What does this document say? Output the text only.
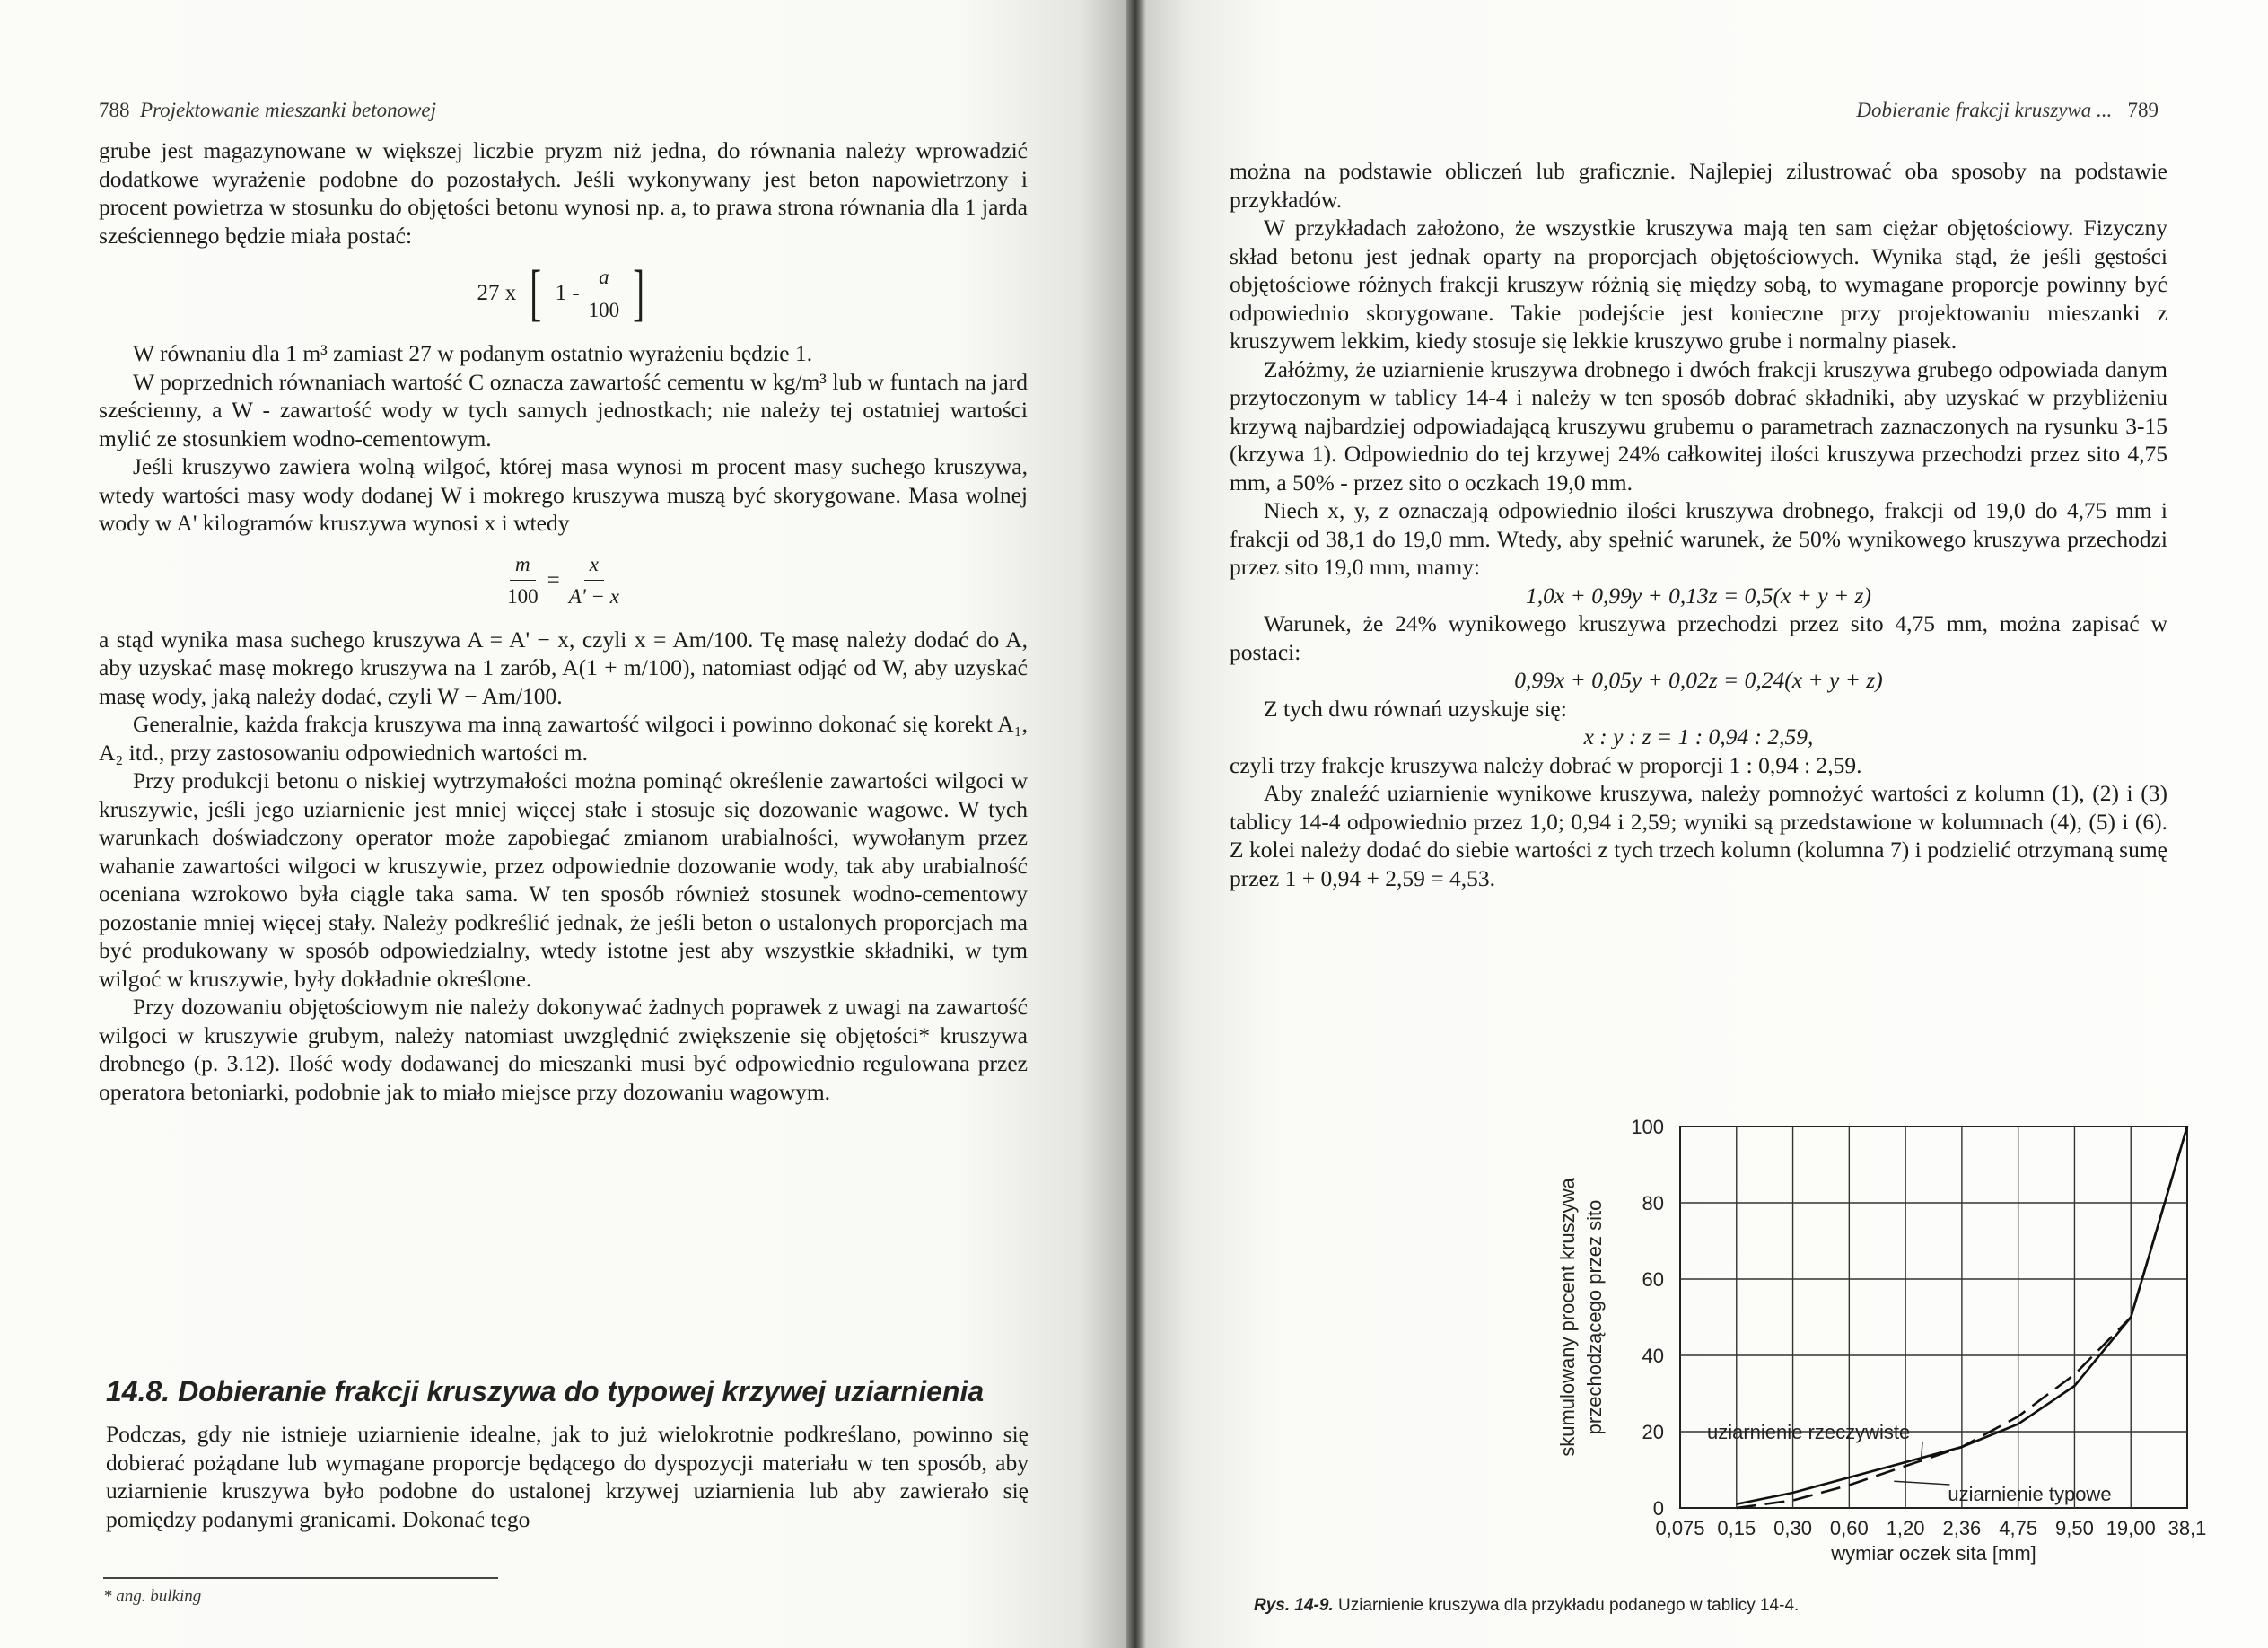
788 Projektowanie mieszanki betonowej

grube jest magazynowane w większej liczbie pryzm niż jedna, do równania należy wprowadzić dodatkowe wyrażenie podobne do pozostałych. Jeśli wykonywany jest beton napowietrzony i procent powietrza w stosunku do objętości betonu wynosi np. a, to prawa strona równania dla 1 jarda sześciennego będzie miała postać:

27 x [ $1 - \frac{a}{100}$ ]

W równaniu dla 1 m³ zamiast 27 w podanym ostatnio wyrażeniu będzie 1.

W poprzednich równaniach wartość C oznacza zawartość cementu w kg/m³ lub w funtach na jard sześcienny, a W - zawartość wody w tych samych jednostkach; nie należy tej ostatniej wartości mylić ze stosunkiem wodno-cementowym.

Jeśli kruszywo zawiera wolną wilgoć, której masa wynosi m procent masy suchego kruszywa, wtedy wartości masy wody dodanej W i mokrego kruszywa muszą być skorygowane. Masa wolnej wody w A' kilogramów kruszywa wynosi x i wtedy

$\frac{m}{100} = \frac{x}{A' - x}$

a stąd wynika masa suchego kruszywa A = A' − x, czyli x = Am/100. Tę masę należy dodać do A, aby uzyskać masę mokrego kruszywa na 1 zarób, A(1 + m/100), natomiast odjąć od W, aby uzyskać masę wody, jaką należy dodać, czyli W − Am/100.

Generalnie, każda frakcja kruszywa ma inną zawartość wilgoci i powinno dokonać się korekt A₁, A₂ itd., przy zastosowaniu odpowiednich wartości m.

Przy produkcji betonu o niskiej wytrzymałości można pominąć określenie zawartości wilgoci w kruszywie, jeśli jego uziarnienie jest mniej więcej stałe i stosuje się dozowanie wagowe. W tych warunkach doświadczony operator może zapobiegać zmianom urabialności, wywołanym przez wahanie zawartości wilgoci w kruszywie, przez odpowiednie dozowanie wody, tak aby urabialność oceniana wzrokowo była ciągle taka sama. W ten sposób również stosunek wodno-cementowy pozostanie mniej więcej stały. Należy podkreślić jednak, że jeśli beton o ustalonych proporcjach ma być produkowany w sposób odpowiedzialny, wtedy istotne jest aby wszystkie składniki, w tym wilgoć w kruszywie, były dokładnie określone.

Przy dozowaniu objętościowym nie należy dokonywać żadnych poprawek z uwagi na zawartość wilgoci w kruszywie grubym, należy natomiast uwzględnić zwiększenie się objętości* kruszywa drobnego (p. 3.12). Ilość wody dodawanej do mieszanki musi być odpowiednio regulowana przez operatora betoniarki, podobnie jak to miało miejsce przy dozowaniu wagowym.

14.8. Dobieranie frakcji kruszywa do typowej krzywej uziarnienia
Podczas, gdy nie istnieje uziarnienie idealne, jak to już wielokrotnie podkreślano, powinno się dobierać pożądane lub wymagane proporcje będącego do dyspozycji materiału w ten sposób, aby uziarnienie kruszywa było podobne do ustalonej krzywej uziarnienia lub aby zawierało się pomiędzy podanymi granicami. Dokonać tego
* ang. bulking
Dobieranie frakcji kruszywa ... 789

można na podstawie obliczeń lub graficznie. Najlepiej zilustrować oba sposoby na podstawie przykładów.

W przykładach założono, że wszystkie kruszywa mają ten sam ciężar objętościowy. Fizyczny skład betonu jest jednak oparty na proporcjach objętościowych. Wynika stąd, że jeśli gęstości objętościowe różnych frakcji kruszyw różnią się między sobą, to wymagane proporcje powinny być odpowiednio skorygowane. Takie podejście jest konieczne przy projektowaniu mieszanki z kruszywem lekkim, kiedy stosuje się lekkie kruszywo grube i normalny piasek.

Załóżmy, że uziarnienie kruszywa drobnego i dwóch frakcji kruszywa grubego odpowiada danym przytoczonym w tablicy 14-4 i należy w ten sposób dobrać składniki, aby uzyskać w przybliżeniu krzywą najbardziej odpowiadającą kruszywu grubemu o parametrach zaznaczonych na rysunku 3-15 (krzywa 1). Odpowiednio do tej krzywej 24% całkowitej ilości kruszywa przechodzi przez sito 4,75 mm, a 50% - przez sito o oczkach 19,0 mm.

Niech x, y, z oznaczają odpowiednio ilości kruszywa drobnego, frakcji od 19,0 do 4,75 mm i frakcji od 38,1 do 19,0 mm. Wtedy, aby spełnić warunek, że 50% wynikowego kruszywa przechodzi przez sito 19,0 mm, mamy:

1,0x + 0,99y + 0,13z = 0,5(x + y + z)

Warunek, że 24% wynikowego kruszywa przechodzi przez sito 4,75 mm, można zapisać w postaci:

0,99x + 0,05y + 0,02z = 0,24(x + y + z)

Z tych dwu równań uzyskuje się:

x : y : z = 1 : 0,94 : 2,59,

czyli trzy frakcje kruszywa należy dobrać w proporcji 1 : 0,94 : 2,59.

Aby znaleźć uziarnienie wynikowe kruszywa, należy pomnożyć wartości z kolumn (1), (2) i (3) tablicy 14-4 odpowiednio przez 1,0; 0,94 i 2,59; wyniki są przedstawione w kolumnach (4), (5) i (6). Z kolei należy dodać do siebie wartości z tych trzech kolumn (kolumna 7) i podzielić otrzymaną sumę przez 1 + 0,94 + 2,59 = 4,53.

0
20
40
60
80
100
0,075 0,15 0,30 0,60 1,20 2,36 4,75 9,50 19,00 38,1
wymiar oczek sita [mm]
skumulowany procent kruszywa przechodzącego przez sito	uziarnienie rzeczywiste
uziarnienie typowe
Rys. 14-9. Uziarnienie kruszywa dla przykładu podanego w tablicy 14-4.
